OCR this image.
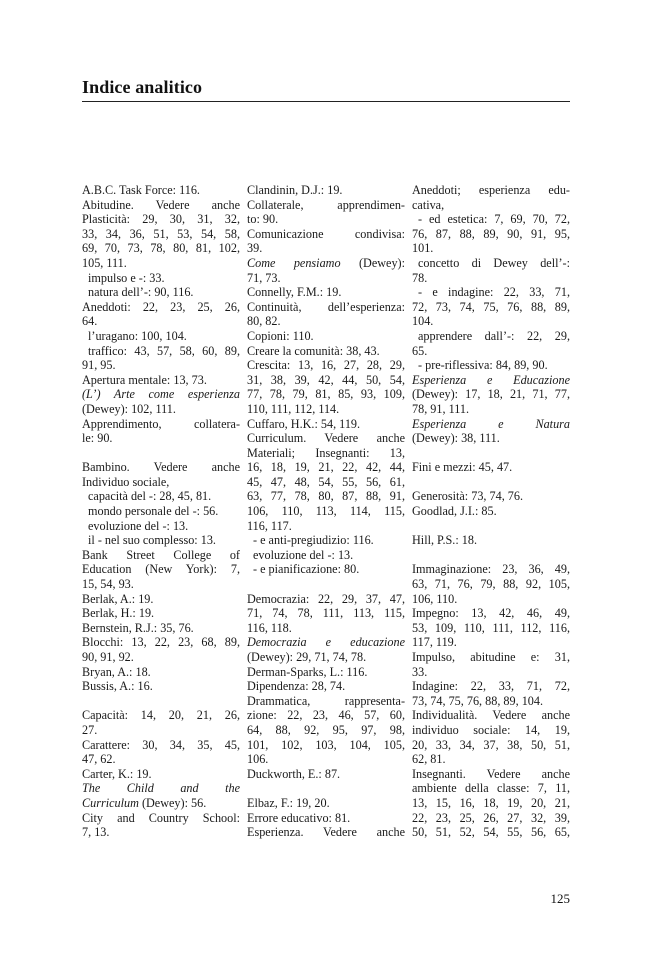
Indice analitico
A.B.C. Task Force: 116.
Abitudine. Vedere anche
Plasticità: 29, 30, 31, 32,
33, 34, 36, 51, 53, 54, 58,
69, 70, 73, 78, 80, 81, 102,
105, 111.
impulso e -: 33.
natura dell’-: 90, 116.
Aneddoti: 22, 23, 25, 26,
64.
l’uragano: 100, 104.
traffico: 43, 57, 58, 60, 89,
91, 95.
Apertura mentale: 13, 73.
(L’) Arte come esperienza
(Dewey): 102, 111.
Apprendimento, collatera-
le: 90.
Bambino. Vedere anche
Individuo sociale,
capacità del -: 28, 45, 81.
mondo personale del -: 56.
evoluzione del -: 13.
il - nel suo complesso: 13.
Bank Street College of
Education (New York): 7,
15, 54, 93.
Berlak, A.: 19.
Berlak, H.: 19.
Bernstein, R.J.: 35, 76.
Blocchi: 13, 22, 23, 68, 89,
90, 91, 92.
Bryan, A.: 18.
Bussis, A.: 16.
Capacità: 14, 20, 21, 26,
27.
Carattere: 30, 34, 35, 45,
47, 62.
Carter, K.: 19.
The Child and the
Curriculum (Dewey): 56.
City and Country School:
7, 13.
Clandinin, D.J.: 19.
Collaterale, apprendimen-
to: 90.
Comunicazione condivisa:
39.
Come pensiamo (Dewey):
71, 73.
Connelly, F.M.: 19.
Continuità, dell’esperienza:
80, 82.
Copioni: 110.
Creare la comunità: 38, 43.
Crescita: 13, 16, 27, 28, 29,
31, 38, 39, 42, 44, 50, 54,
77, 78, 79, 81, 85, 93, 109,
110, 111, 112, 114.
Cuffaro, H.K.: 54, 119.
Curriculum. Vedere anche
Materiali; Insegnanti: 13,
16, 18, 19, 21, 22, 42, 44,
45, 47, 48, 54, 55, 56, 61,
63, 77, 78, 80, 87, 88, 91,
106, 110, 113, 114, 115,
116, 117.
- e anti-pregiudizio: 116.
evoluzione del -: 13.
- e pianificazione: 80.
Democrazia: 22, 29, 37, 47,
71, 74, 78, 111, 113, 115,
116, 118.
Democrazia e educazione
(Dewey): 29, 71, 74, 78.
Derman-Sparks, L.: 116.
Dipendenza: 28, 74.
Drammatica, rappresenta-
zione: 22, 23, 46, 57, 60,
64, 88, 92, 95, 97, 98,
101, 102, 103, 104, 105,
106.
Duckworth, E.: 87.
Elbaz, F.: 19, 20.
Errore educativo: 81.
Esperienza. Vedere anche
Aneddoti; esperienza edu-
cativa,
- ed estetica: 7, 69, 70, 72,
76, 87, 88, 89, 90, 91, 95,
101.
concetto di Dewey dell’-:
78.
- e indagine: 22, 33, 71,
72, 73, 74, 75, 76, 88, 89,
104.
apprendere dall’-: 22, 29,
65.
- pre-riflessiva: 84, 89, 90.
Esperienza e Educazione
(Dewey): 17, 18, 21, 71, 77,
78, 91, 111.
Esperienza e Natura
(Dewey): 38, 111.
Fini e mezzi: 45, 47.
Generosità: 73, 74, 76.
Goodlad, J.I.: 85.
Hill, P.S.: 18.
Immaginazione: 23, 36, 49,
63, 71, 76, 79, 88, 92, 105,
106, 110.
Impegno: 13, 42, 46, 49,
53, 109, 110, 111, 112, 116,
117, 119.
Impulso, abitudine e: 31,
33.
Indagine: 22, 33, 71, 72,
73, 74, 75, 76, 88, 89, 104.
Individualità. Vedere anche
individuo sociale: 14, 19,
20, 33, 34, 37, 38, 50, 51,
62, 81.
Insegnanti. Vedere anche
ambiente della classe: 7, 11,
13, 15, 16, 18, 19, 20, 21,
22, 23, 25, 26, 27, 32, 39,
50, 51, 52, 54, 55, 56, 65,
125
